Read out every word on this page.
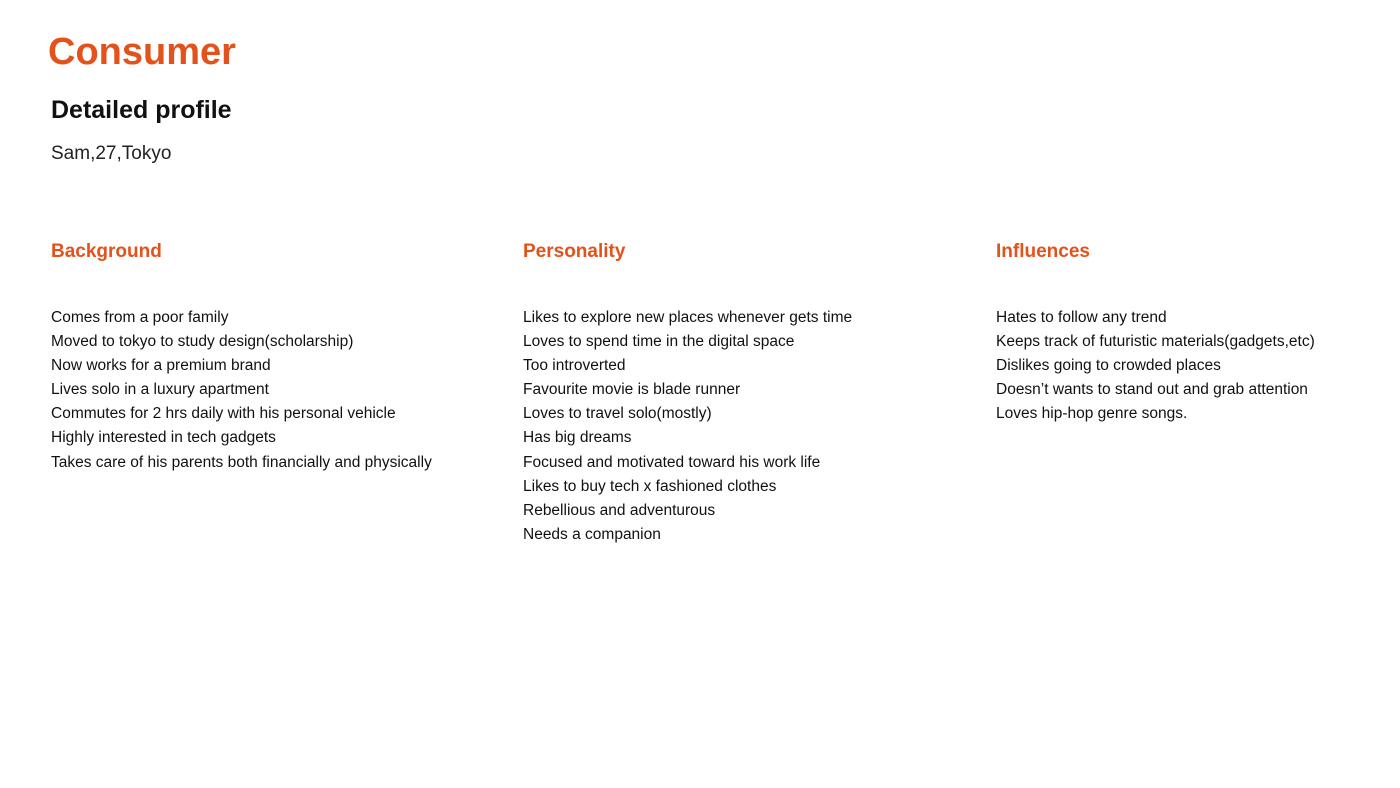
Consumer
Detailed profile

Sam,27,Tokyo

Background
Comes from a poor family
Moved to tokyo to study design(scholarship)
Now works for a premium brand
Lives solo in a luxury apartment
Commutes for 2 hrs daily with his personal vehicle
Highly interested in tech gadgets
Takes care of his parents both financially and physically
Personality
Likes to explore new places whenever gets time
Loves to spend time in the digital space
Too introverted
Favourite movie is blade runner
Loves to travel solo(mostly)
Has big dreams
Focused and motivated toward his work life
Likes to buy tech x fashioned clothes
Rebellious and adventurous
Needs a companion
Influences
Hates to follow any trend
Keeps track of futuristic materials(gadgets,etc)
Dislikes going to crowded places
Doesn’t wants to stand out and grab attention
Loves hip-hop genre songs.
